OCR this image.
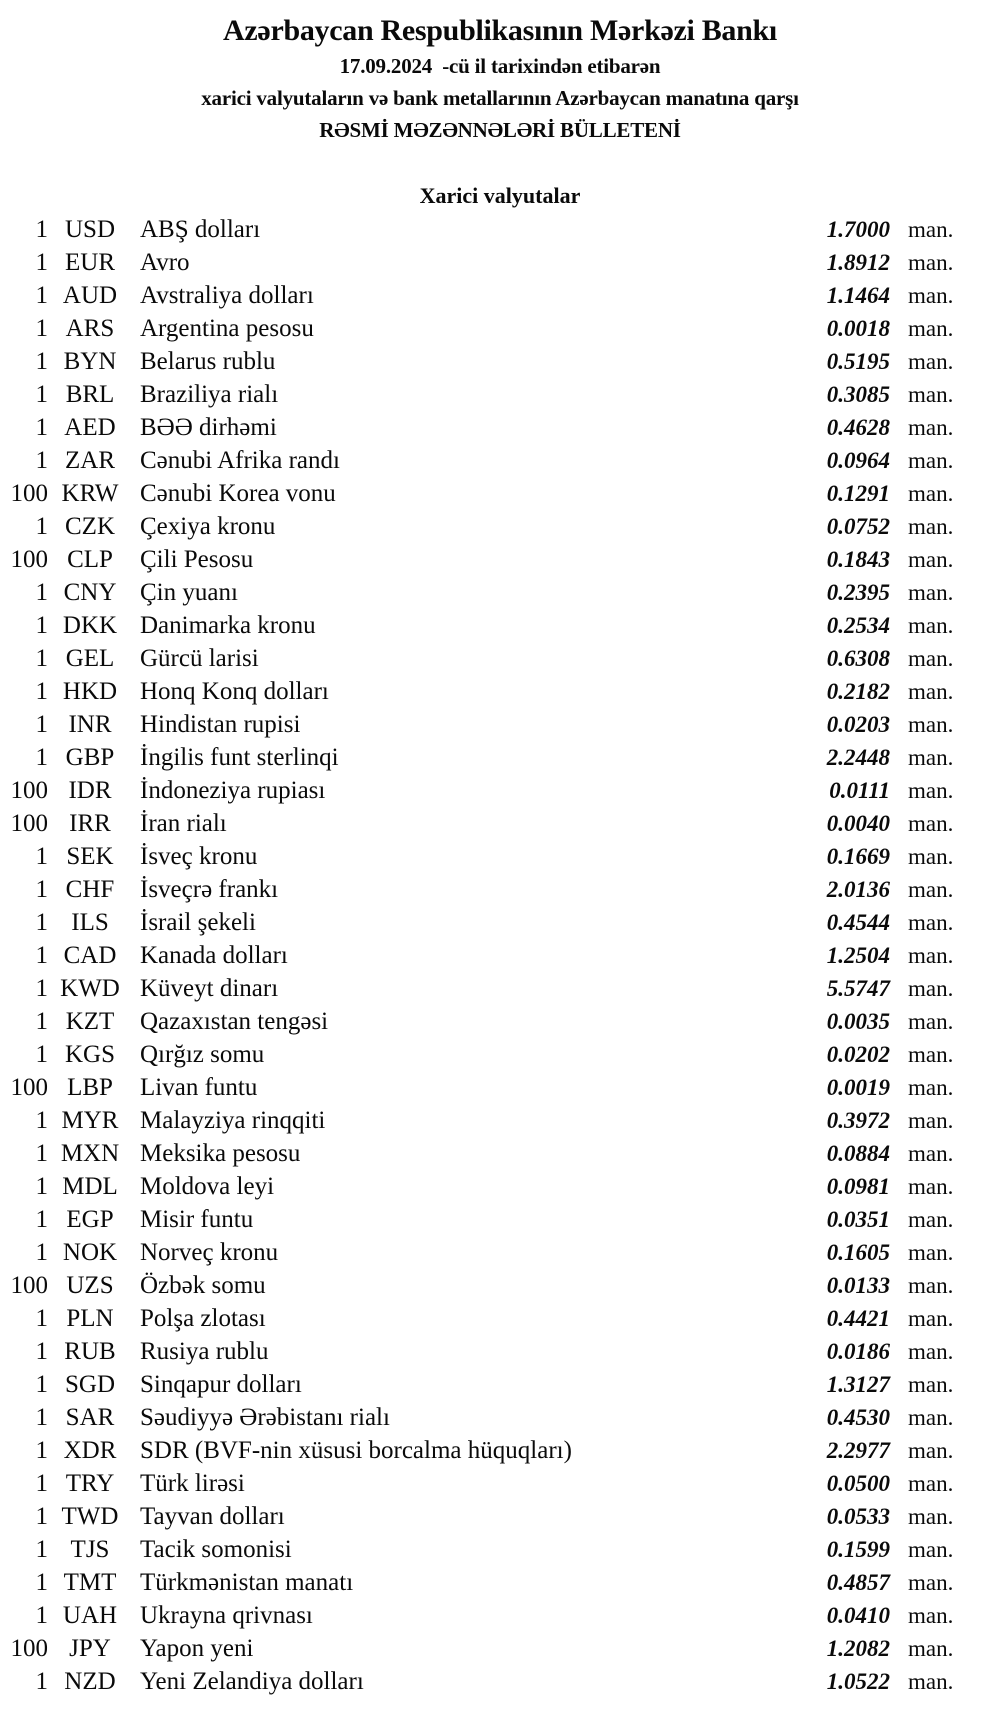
Azərbaycan Respublikasının Mərkəzi Bankı
17.09.2024  -cü il tarixindən etibarən
xarici valyutaların və bank metallarının Azərbaycan manatına qarşı
RƏSMİ MƏZƏNNƏLƏRİ BÜLLETENİ
Xarici valyutalar
1 USD	ABŞ dolları	1.7000 man.
1 EUR	Avro	1.8912 man.
1 AUD Avstraliya dolları	1.1464 man.
1 ARS	Argentina pesosu	0.0018 man.
1 BYN Belarus rublu	0.5195 man.
1 BRL	Braziliya rialı	0.3085 man.
1 AED BƏƏ dirhəmi	0.4628 man.
1 ZAR	Cənubi Afrika randı	0.0964 man.
100 KRW Cənubi Korea vonu	0.1291 man.
1 CZK	Çexiya kronu	0.0752 man.
100 CLP	Çili Pesosu	0.1843 man.
1 CNY Çin yuanı	0.2395 man.
1 DKK Danimarka kronu	0.2534 man.
1 GEL	Gürcü larisi	0.6308 man.
1 HKD Honq Konq dolları	0.2182 man.
1 INR	Hindistan rupisi	0.0203 man.
1 GBP	İngilis funt sterlinqi	2.2448 man.
100 IDR	İndoneziya rupiası	0.0111 man.
100 IRR	İran rialı	0.0040 man.
1 SEK	İsveç kronu	0.1669 man.
1 CHF	İsveçrə frankı	2.0136 man.
1 ILS	İsrail şekeli	0.4544 man.
1 CAD Kanada dolları	1.2504 man.
1 KWD Küveyt dinarı	5.5747 man.
1 KZT	Qazaxıstan tengəsi	0.0035 man.
1 KGS	Qırğız somu	0.0202 man.
100 LBP	Livan funtu	0.0019 man.
1 MYR Malayziya rinqqiti	0.3972 man.
1 MXN Meksika pesosu	0.0884 man.
1 MDL Moldova leyi	0.0981 man.
1 EGP	Misir funtu	0.0351 man.
1 NOK Norveç kronu	0.1605 man.
100 UZS	Özbək somu	0.0133 man.
1 PLN	Polşa zlotası	0.4421 man.
1 RUB Rusiya rublu	0.0186 man.
1 SGD	Sinqapur dolları	1.3127 man.
1 SAR	Səudiyyə Ərəbistanı rialı	0.4530 man.
1 XDR SDR (BVF-nin xüsusi borcalma hüquqları)	2.2977 man.
1 TRY	Türk lirəsi	0.0500 man.
1 TWD Tayvan dolları	0.0533 man.
1 TJS	Tacik somonisi	0.1599 man.
1 TMT Türkmənistan manatı	0.4857 man.
1 UAH Ukrayna qrivnası	0.0410 man.
100 JPY	Yapon yeni	1.2082 man.
1 NZD Yeni Zelandiya dolları	1.0522 man.
